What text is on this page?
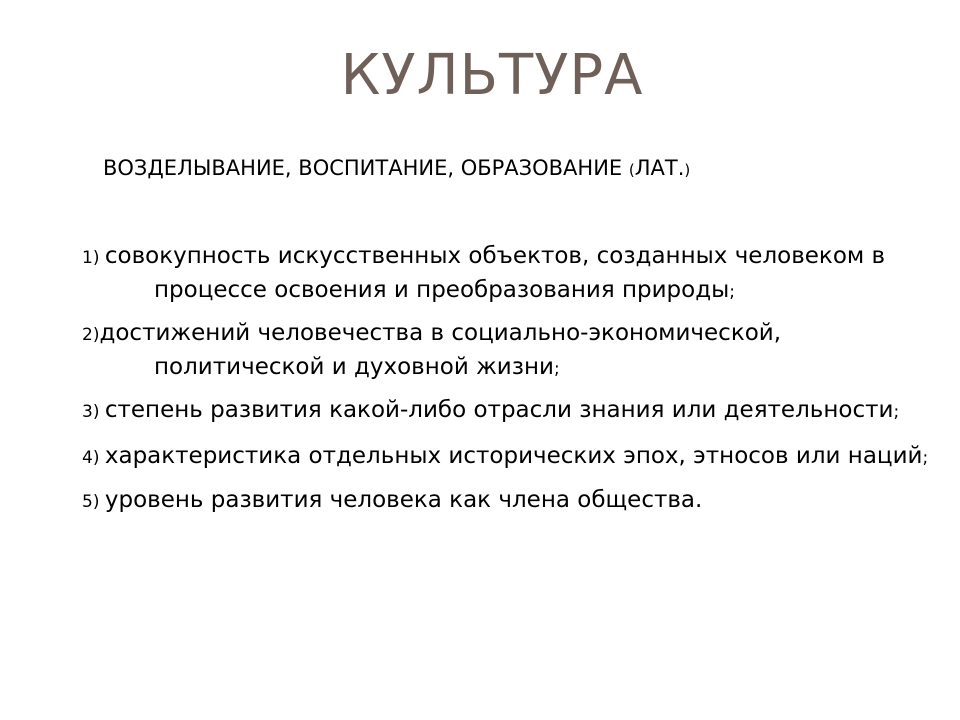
КУЛЬТУРА
ВОЗДЕЛЫВАНИЕ, ВОСПИТАНИЕ, ОБРАЗОВАНИЕ (ЛАТ.)
1) совокупность искусственных объектов, созданных человеком в процессе освоения и преобразования природы;
2)достижений человечества в социально-экономической, политической и духовной жизни;
3) степень развития какой-либо отрасли знания или деятельности;
4) характеристика отдельных исторических эпох, этносов или наций;
5) уровень развития человека как члена общества.
